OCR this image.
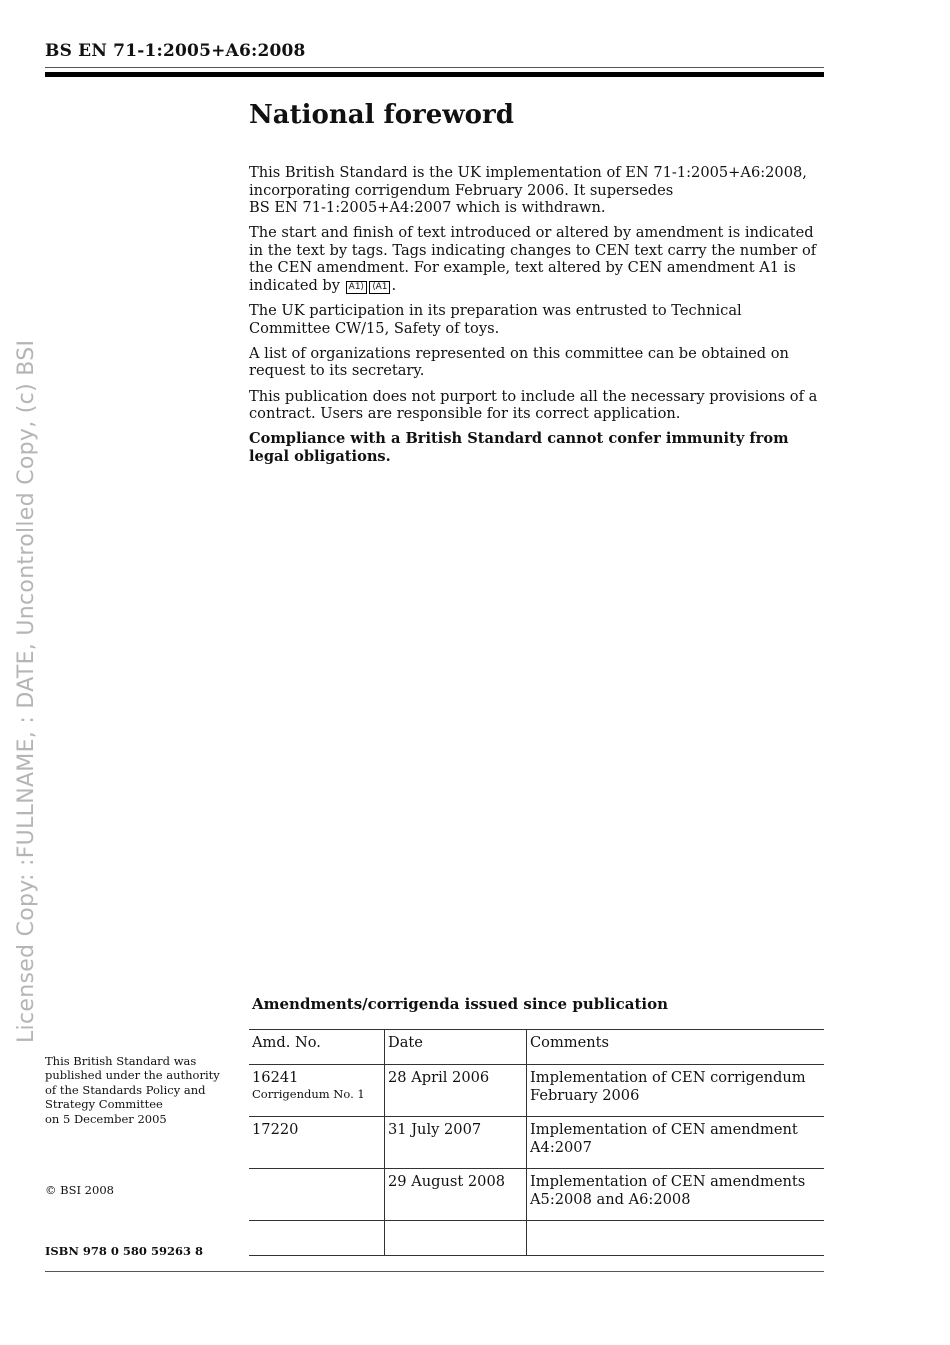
BS EN 71-1:2005+A6:2008
Licensed Copy: :FULLNAME, : DATE, Uncontrolled Copy, (c) BSI
National foreword

This British Standard is the UK implementation of EN 71-1:2005+A6:2008,
incorporating corrigendum February 2006. It supersedes
BS EN 71-1:2005+A4:2007 which is withdrawn.

The start and finish of text introduced or altered by amendment is indicated in the text by tags. Tags indicating changes to CEN text carry the number of the CEN amendment. For example, text altered by CEN amendment A1 is indicated by A1⟩ ⟨A1 .

The UK participation in its preparation was entrusted to Technical Committee CW/15, Safety of toys.

A list of organizations represented on this committee can be obtained on request to its secretary.

This publication does not purport to include all the necessary provisions of a contract. Users are responsible for its correct application.

Compliance with a British Standard cannot confer immunity from legal obligations.

Amendments/corrigenda issued since publication
Amd. No.	Date	Comments
16241
Corrigendum No. 1	28 April 2006	Implementation of CEN corrigendum February 2006
17220	31 July 2007	Implementation of CEN amendment A4:2007
	29 August 2008	Implementation of CEN amendments A5:2008 and A6:2008

This British Standard was
published under the authority
of the Standards Policy and
Strategy Committee
on 5 December 2005
© BSI 2008
ISBN 978 0 580 59263 8
